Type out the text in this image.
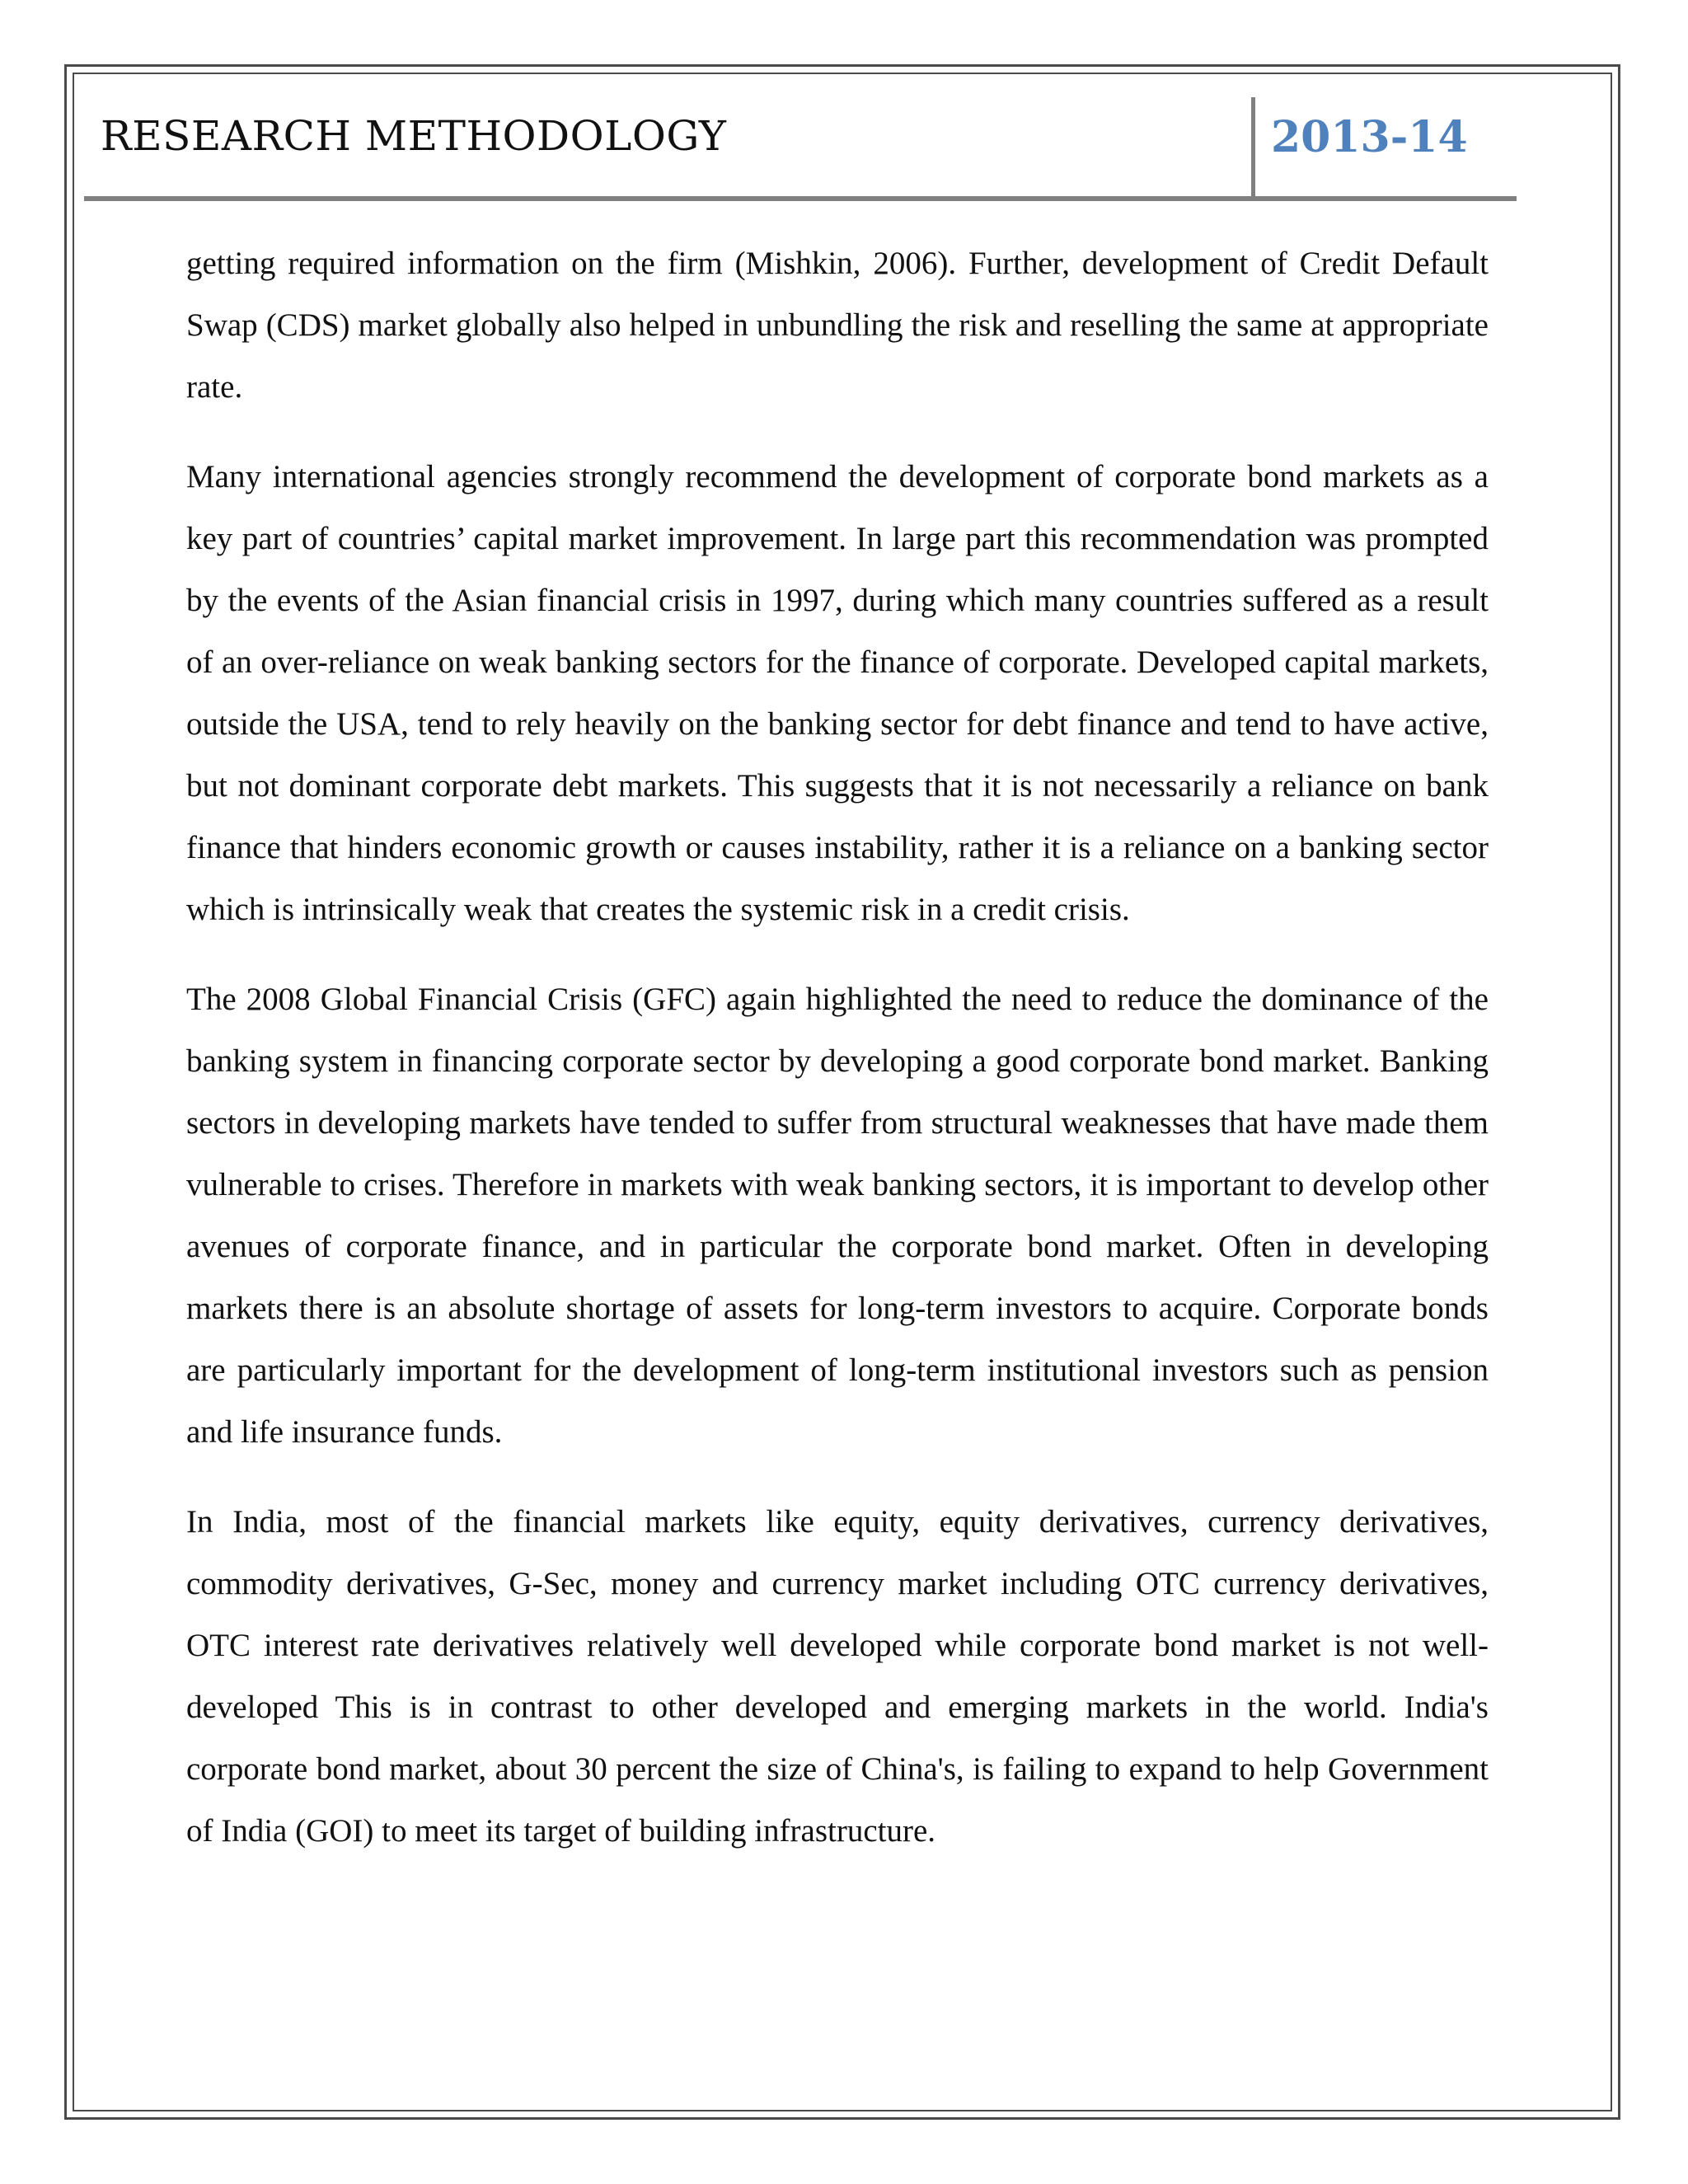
RESEARCH METHODOLOGY	2013-14

getting required information on the firm (Mishkin, 2006). Further, development of Credit Default Swap (CDS) market globally also helped in unbundling the risk and reselling the same at appropriate rate.

Many international agencies strongly recommend the development of corporate bond markets as a key part of countries’ capital market improvement. In large part this recommendation was prompted by the events of the Asian financial crisis in 1997, during which many countries suffered as a result of an over-reliance on weak banking sectors for the finance of corporate. Developed capital markets, outside the USA, tend to rely heavily on the banking sector for debt finance and tend to have active, but not dominant corporate debt markets. This suggests that it is not necessarily a reliance on bank finance that hinders economic growth or causes instability, rather it is a reliance on a banking sector which is intrinsically weak that creates the systemic risk in a credit crisis.

The 2008 Global Financial Crisis (GFC) again highlighted the need to reduce the dominance of the banking system in financing corporate sector by developing a good corporate bond market. Banking sectors in developing markets have tended to suffer from structural weaknesses that have made them vulnerable to crises. Therefore in markets with weak banking sectors, it is important to develop other avenues of corporate finance, and in particular the corporate bond market. Often in developing markets there is an absolute shortage of assets for long-term investors to acquire. Corporate bonds are particularly important for the development of long-term institutional investors such as pension and life insurance funds.

In India, most of the financial markets like equity, equity derivatives, currency derivatives, commodity derivatives, G-Sec, money and currency market including OTC currency derivatives, OTC interest rate derivatives relatively well developed while corporate bond market is not well-developed This is in contrast to other developed and emerging markets in the world. India's corporate bond market, about 30 percent the size of China's, is failing to expand to help Government of India (GOI) to meet its target of building infrastructure.
